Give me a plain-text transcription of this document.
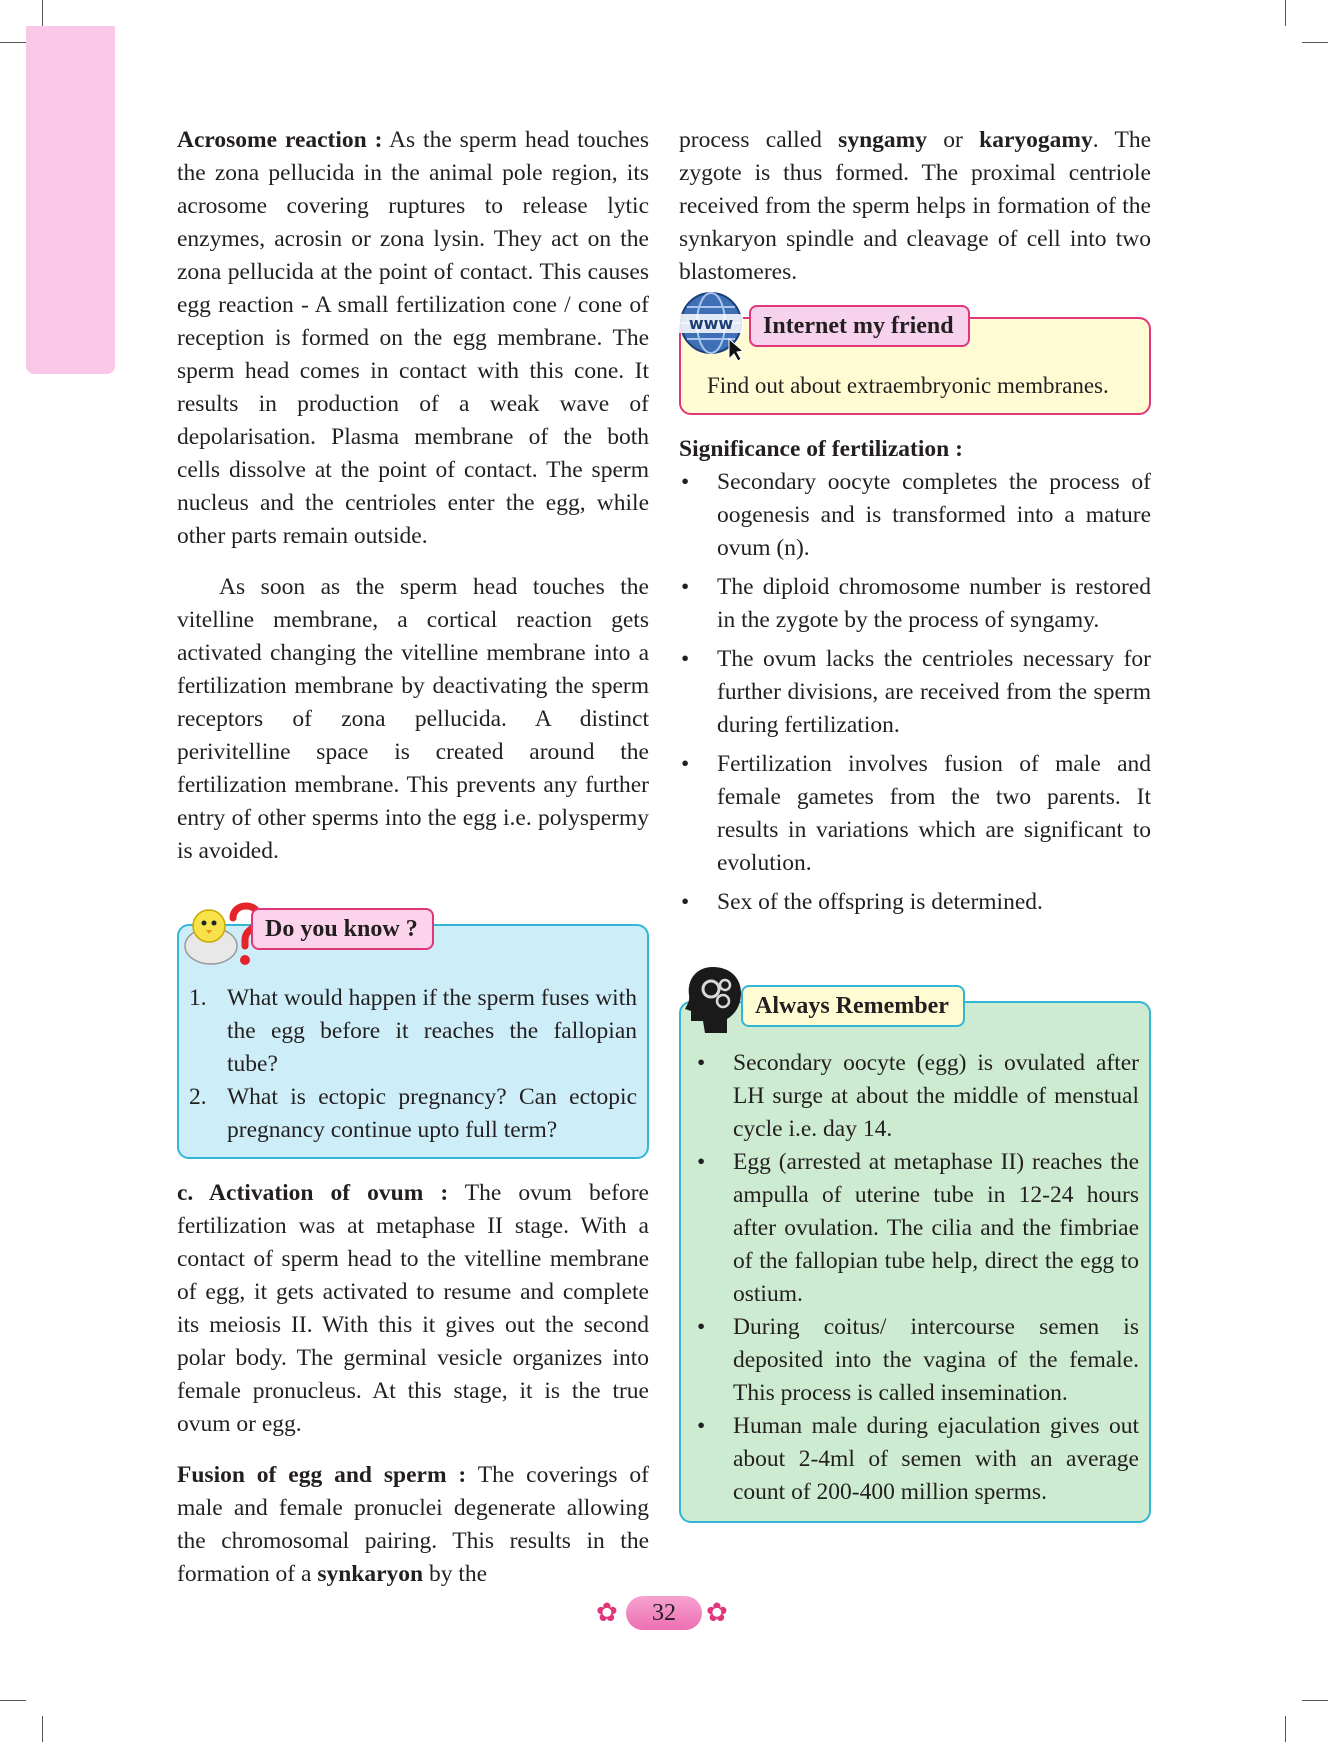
Acrosome reaction : As the sperm head touches the zona pellucida in the animal pole region, its acrosome covering ruptures to release lytic enzymes, acrosin or zona lysin. They act on the zona pellucida at the point of contact. This causes egg reaction - A small fertilization cone / cone of reception is formed on the egg membrane. The sperm head comes in contact with this cone. It results in production of a weak wave of depolarisation. Plasma membrane of the both cells dissolve at the point of contact. The sperm nucleus and the centrioles enter the egg, while other parts remain outside.

As soon as the sperm head touches the vitelline membrane, a cortical reaction gets activated changing the vitelline membrane into a fertilization membrane by deactivating the sperm receptors of zona pellucida. A distinct perivitelline space is created around the fertilization membrane. This prevents any further entry of other sperms into the egg i.e. polyspermy is avoided.

Do you know ?
1. What would happen if the sperm fuses with the egg before it reaches the fallopian tube?
2. What is ectopic pregnancy? Can ectopic pregnancy continue upto full term?

c. Activation of ovum : The ovum before fertilization was at metaphase II stage. With a contact of sperm head to the vitelline membrane of egg, it gets activated to resume and complete its meiosis II. With this it gives out the second polar body. The germinal vesicle organizes into female pronucleus. At this stage, it is the true ovum or egg.

Fusion of egg and sperm : The coverings of male and female pronuclei degenerate allowing the chromosomal pairing. This results in the formation of a synkaryon by the

process called syngamy or karyogamy. The zygote is thus formed. The proximal centriole received from the sperm helps in formation of the synkaryon spindle and cleavage of cell into two blastomeres.

www	Internet my friend
Find out about extraembryonic membranes.
Significance of fertilization :
• Secondary oocyte completes the process of oogenesis and is transformed into a mature ovum (n).
• The diploid chromosome number is restored in the zygote by the process of syngamy.
• The ovum lacks the centrioles necessary for further divisions, are received from the sperm during fertilization.
• Fertilization involves fusion of male and female gametes from the two parents. It results in variations which are significant to evolution.
• Sex of the offspring is determined.
Always Remember
• Secondary oocyte (egg) is ovulated after LH surge at about the middle of menstual cycle i.e. day 14.
• Egg (arrested at metaphase II) reaches the ampulla of uterine tube in 12-24 hours after ovulation. The cilia and the fimbriae of the fallopian tube help, direct the egg to ostium.
• During coitus/ intercourse semen is deposited into the vagina of the female. This process is called insemination.
• Human male during ejaculation gives out about 2-4ml of semen with an average count of 200-400 million sperms.
✿	32	✿
